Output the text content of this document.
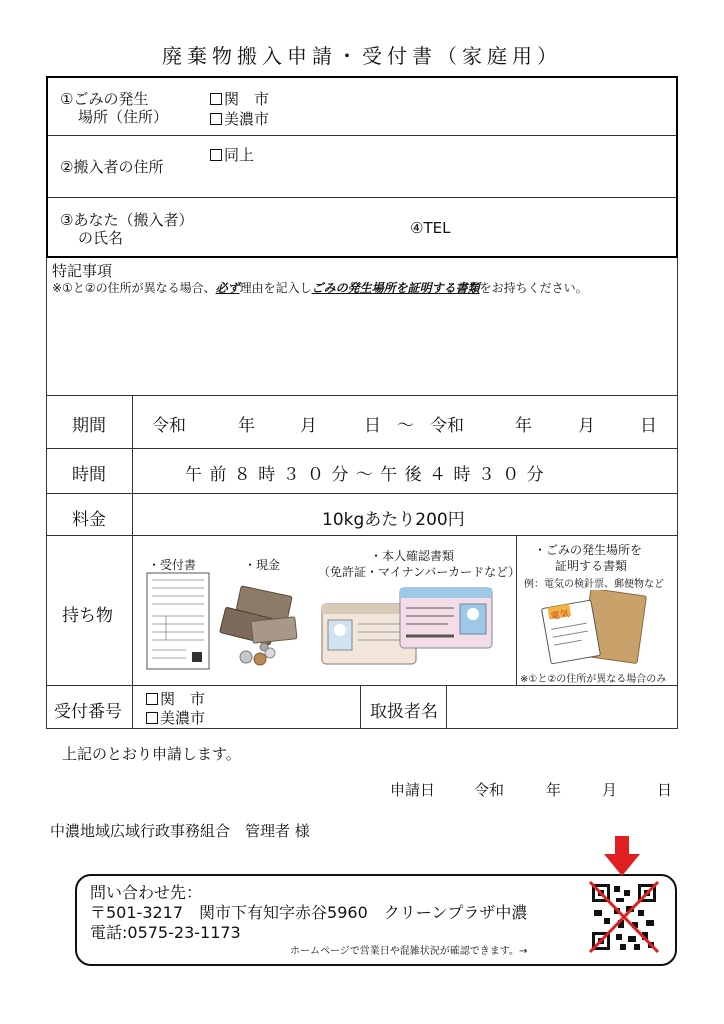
廃棄物搬入申請・受付書（家庭用）
①ごみの発生
場所（住所）
関　市
美濃市
②搬入者の住所
同上
③あなた（搬入者）
の氏名
④TEL
特記事項
※①と②の住所が異なる場合、必ず理由を記入しごみの発生場所を証明する書類をお持ちください。
期間	令和	年	月	日 ～ 令和	年	月	日
時間	午 前 ８ 時 ３ ０ 分 ～ 午 後 ４ 時 ３ ０ 分
料金	10kgあたり200円
持ち物
・受付書	・現金
・本人確認書類
（免許証・マイナンバーカードなど）
・ごみの発生場所を
証明する書類
例：電気の検針票、郵便物など
※①と②の住所が異なる場合のみ
電気
受付番号
関　市
美濃市	取扱者名
上記のとおり申請します。
申請日	令和	年	月	日
中濃地域広域行政事務組合　管理者 様
問い合わせ先：
〒501-3217　関市下有知字赤谷5960　クリーンプラザ中濃
電話:0575-23-1173
ホームページで営業日や混雑状況が確認できます。→
